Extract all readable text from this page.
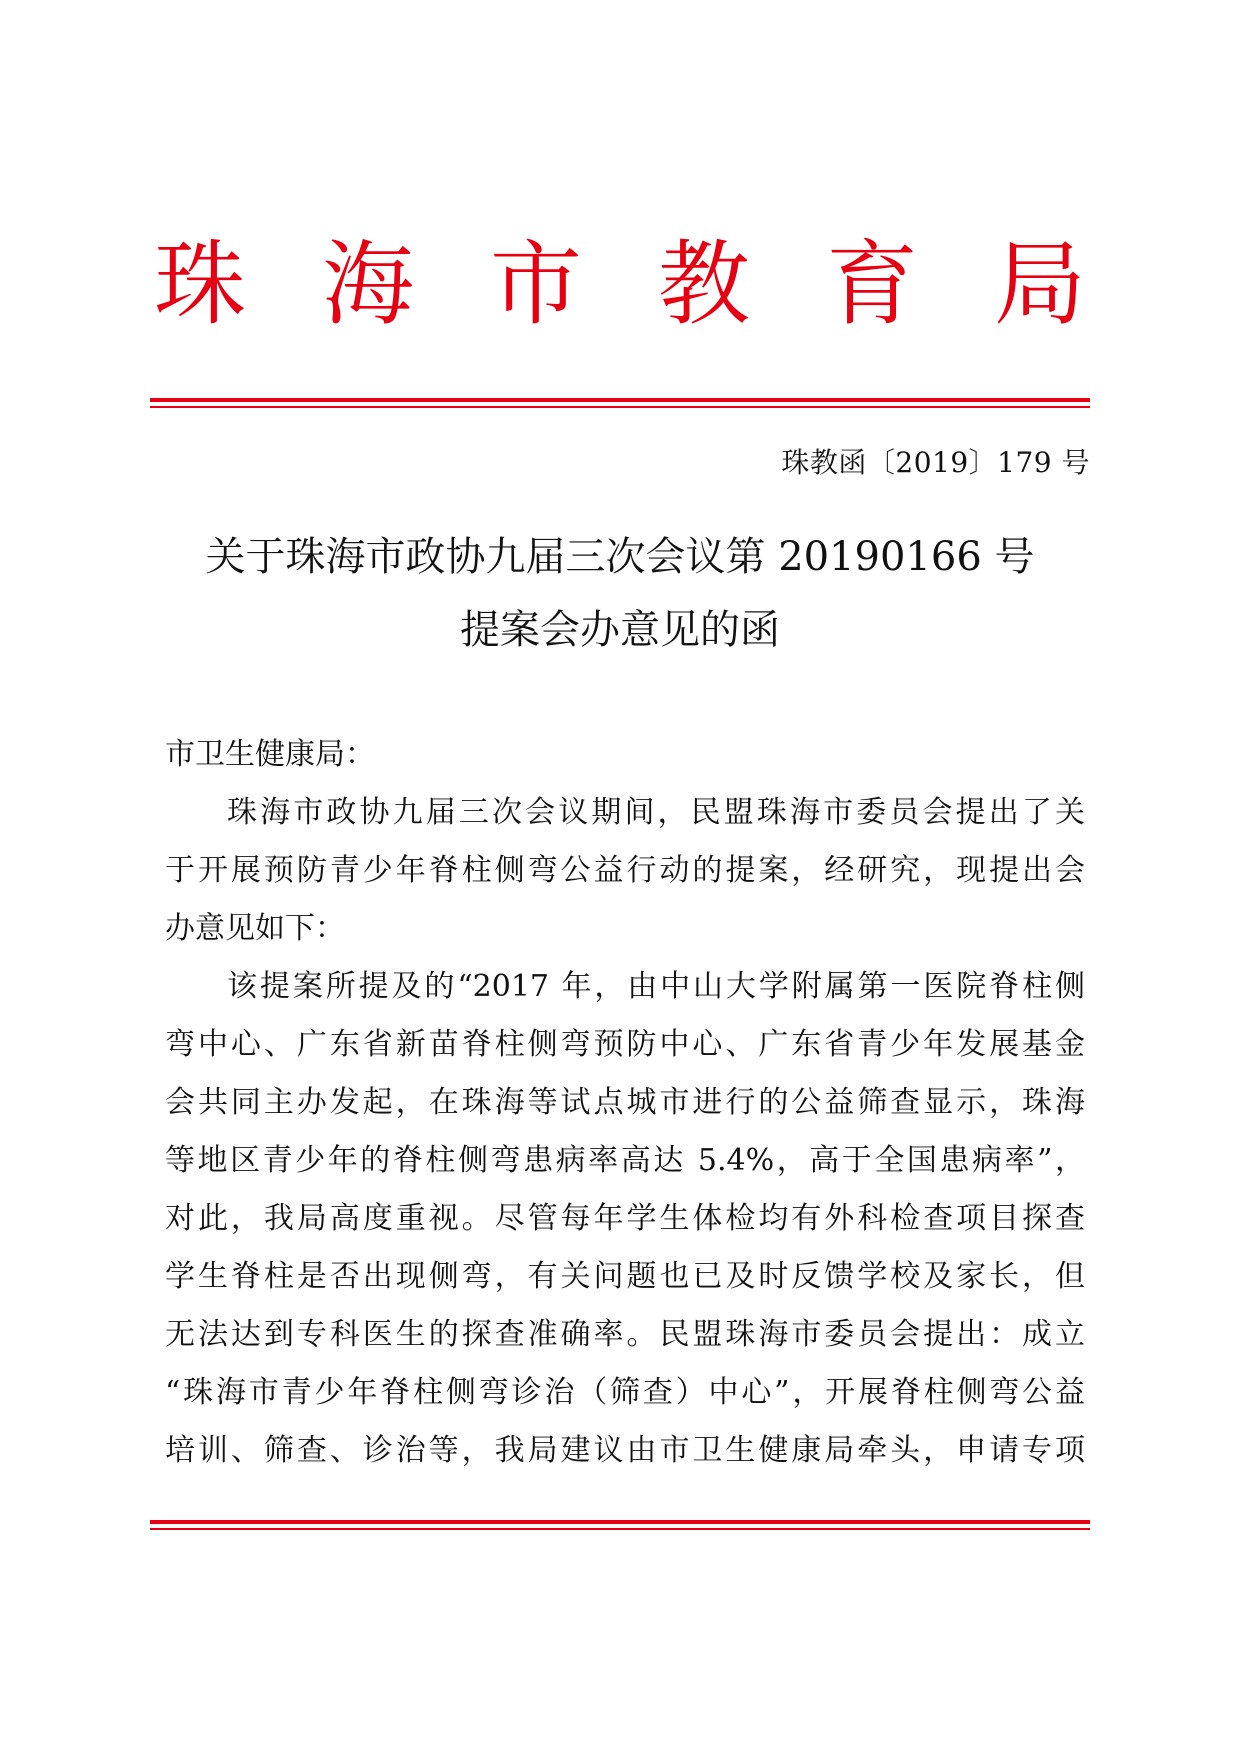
珠 海 市 教 育 局
珠教函〔2019〕179 号
关于珠海市政协九届三次会议第 20190166 号
提案会办意见的函

市卫生健康局：

珠海市政协九届三次会议期间，民盟珠海市委员会提出了关

于开展预防青少年脊柱侧弯公益行动的提案，经研究，现提出会

办意见如下：

该提案所提及的“2017 年，由中山大学附属第一医院脊柱侧

弯中心、广东省新苗脊柱侧弯预防中心、广东省青少年发展基金

会共同主办发起，在珠海等试点城市进行的公益筛查显示，珠海

等地区青少年的脊柱侧弯患病率高达 5.4%，高于全国患病率”，

对此，我局高度重视。尽管每年学生体检均有外科检查项目探查

学生脊柱是否出现侧弯，有关问题也已及时反馈学校及家长，但

无法达到专科医生的探查准确率。民盟珠海市委员会提出：成立

“珠海市青少年脊柱侧弯诊治（筛查）中心”，开展脊柱侧弯公益

培训、筛查、诊治等，我局建议由市卫生健康局牵头，申请专项
